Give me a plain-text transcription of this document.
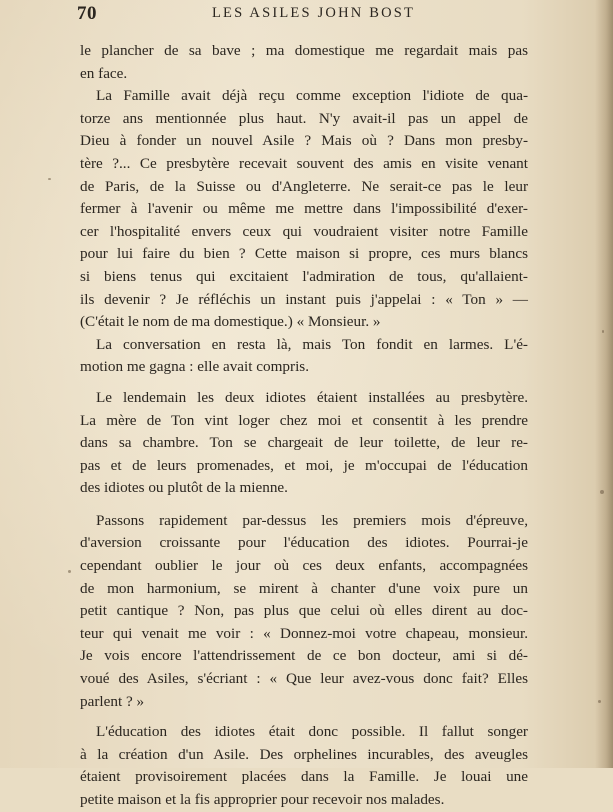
70	LES ASILES JOHN BOST
le plancher de sa bave ; ma domestique me regardait mais pas
en face.
La Famille avait déjà reçu comme exception l'idiote de qua-
torze ans mentionnée plus haut. N'y avait-il pas un appel de
Dieu à fonder un nouvel Asile ? Mais où ? Dans mon presby-
tère ?... Ce presbytère recevait souvent des amis en visite venant
de Paris, de la Suisse ou d'Angleterre. Ne serait-ce pas le leur
fermer à l'avenir ou même me mettre dans l'impossibilité d'exer-
cer l'hospitalité envers ceux qui voudraient visiter notre Famille
pour lui faire du bien ? Cette maison si propre, ces murs blancs
si biens tenus qui excitaient l'admiration de tous, qu'allaient-
ils devenir ? Je réfléchis un instant puis j'appelai : « Ton » —
(C'était le nom de ma domestique.) « Monsieur. »
La conversation en resta là, mais Ton fondit en larmes. L'é-
motion me gagna : elle avait compris.
Le lendemain les deux idiotes étaient installées au presbytère.
La mère de Ton vint loger chez moi et consentit à les prendre
dans sa chambre. Ton se chargeait de leur toilette, de leur re-
pas et de leurs promenades, et moi, je m'occupai de l'éducation
des idiotes ou plutôt de la mienne.
Passons rapidement par-dessus les premiers mois d'épreuve,
d'aversion croissante pour l'éducation des idiotes. Pourrai-je
cependant oublier le jour où ces deux enfants, accompagnées
de mon harmonium, se mirent à chanter d'une voix pure un
petit cantique ? Non, pas plus que celui où elles dirent au doc-
teur qui venait me voir : « Donnez-moi votre chapeau, monsieur.
Je vois encore l'attendrissement de ce bon docteur, ami si dé-
voué des Asiles, s'écriant : « Que leur avez-vous donc fait? Elles
parlent ? »
L'éducation des idiotes était donc possible. Il fallut songer
à la création d'un Asile. Des orphelines incurables, des aveugles
étaient provisoirement placées dans la Famille. Je louai une
petite maison et la fis approprier pour recevoir nos malades.
